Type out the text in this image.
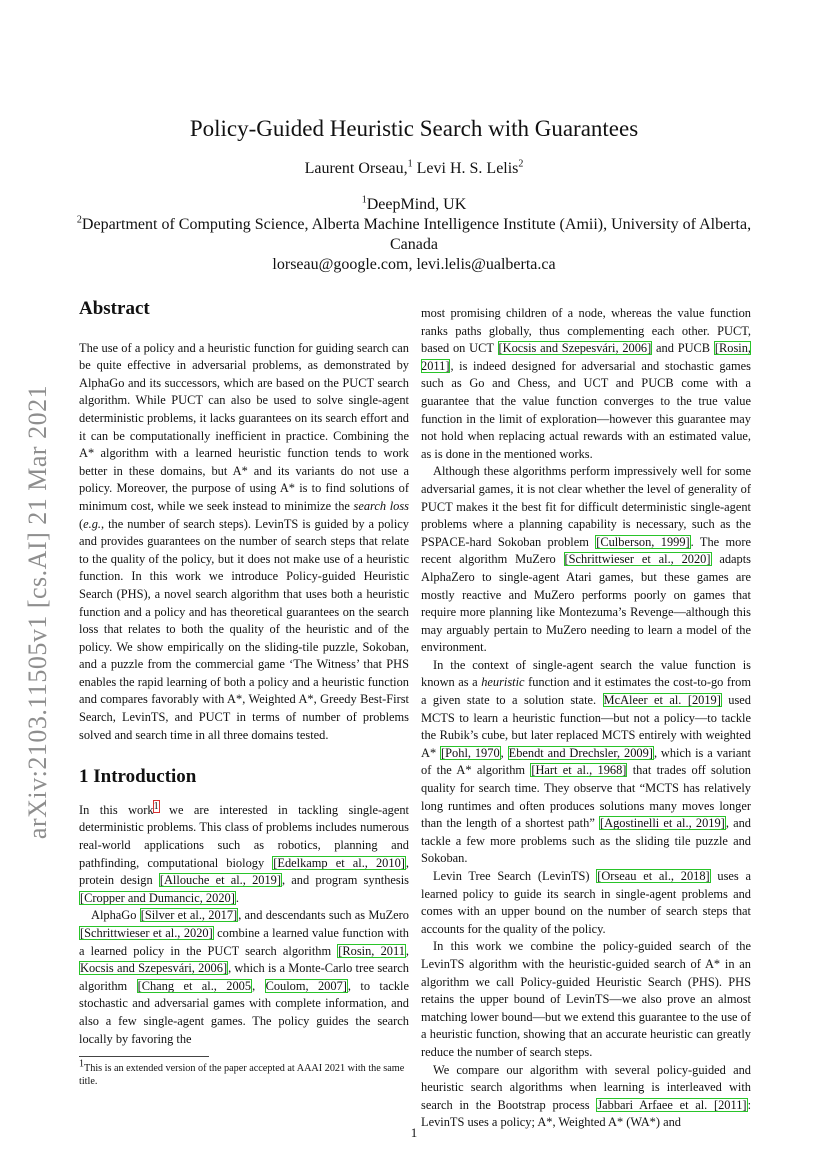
arXiv:2103.11505v1 [cs.AI] 21 Mar 2021
Policy-Guided Heuristic Search with Guarantees
Laurent Orseau,$^1$ Levi H. S. Lelis$^2$
$^1$DeepMind, UK
$^2$Department of Computing Science, Alberta Machine Intelligence Institute (Amii), University of Alberta, Canada
lorseau@google.com, levi.lelis@ualberta.ca
Abstract

The use of a policy and a heuristic function for guiding search can be quite effective in adversarial problems, as demonstrated by AlphaGo and its successors, which are based on the PUCT search algorithm. While PUCT can also be used to solve single-agent deterministic problems, it lacks guarantees on its search effort and it can be computationally inefficient in practice. Combining the A* algorithm with a learned heuristic function tends to work better in these domains, but A* and its variants do not use a policy. Moreover, the purpose of using A* is to find solutions of minimum cost, while we seek instead to minimize the search loss (e.g., the number of search steps). LevinTS is guided by a policy and provides guarantees on the number of search steps that relate to the quality of the policy, but it does not make use of a heuristic function. In this work we introduce Policy-guided Heuristic Search (PHS), a novel search algorithm that uses both a heuristic function and a policy and has theoretical guarantees on the search loss that relates to both the quality of the heuristic and of the policy. We show empirically on the sliding-tile puzzle, Sokoban, and a puzzle from the commercial game ‘The Witness’ that PHS enables the rapid learning of both a policy and a heuristic function and compares favorably with A*, Weighted A*, Greedy Best-First Search, LevinTS, and PUCT in terms of number of problems solved and search time in all three domains tested.

1 Introduction

In this work$^1$ we are interested in tackling single-agent deterministic problems. This class of problems includes numerous real-world applications such as robotics, planning and pathfinding, computational biology [Edelkamp et al., 2010], protein design [Allouche et al., 2019], and program synthesis [Cropper and Dumancic, 2020].

AlphaGo [Silver et al., 2017], and descendants such as MuZero [Schrittwieser et al., 2020] combine a learned value function with a learned policy in the PUCT search algorithm [Rosin, 2011, Kocsis and Szepesvári, 2006], which is a Monte-Carlo tree search algorithm [Chang et al., 2005, Coulom, 2007], to tackle stochastic and adversarial games with complete information, and also a few single-agent games. The policy guides the search locally by favoring the

most promising children of a node, whereas the value function ranks paths globally, thus complementing each other. PUCT, based on UCT [Kocsis and Szepesvári, 2006] and PUCB [Rosin, 2011], is indeed designed for adversarial and stochastic games such as Go and Chess, and UCT and PUCB come with a guarantee that the value function converges to the true value function in the limit of exploration—however this guarantee may not hold when replacing actual rewards with an estimated value, as is done in the mentioned works.

Although these algorithms perform impressively well for some adversarial games, it is not clear whether the level of generality of PUCT makes it the best fit for difficult deterministic single-agent problems where a planning capability is necessary, such as the PSPACE-hard Sokoban problem [Culberson, 1999]. The more recent algorithm MuZero [Schrittwieser et al., 2020] adapts AlphaZero to single-agent Atari games, but these games are mostly reactive and MuZero performs poorly on games that require more planning like Montezuma’s Revenge—although this may arguably pertain to MuZero needing to learn a model of the environment.

In the context of single-agent search the value function is known as a heuristic function and it estimates the cost-to-go from a given state to a solution state. McAleer et al. [2019] used MCTS to learn a heuristic function—but not a policy—to tackle the Rubik’s cube, but later replaced MCTS entirely with weighted A* [Pohl, 1970, Ebendt and Drechsler, 2009], which is a variant of the A* algorithm [Hart et al., 1968] that trades off solution quality for search time. They observe that “MCTS has relatively long runtimes and often produces solutions many moves longer than the length of a shortest path” [Agostinelli et al., 2019], and tackle a few more problems such as the sliding tile puzzle and Sokoban.

Levin Tree Search (LevinTS) [Orseau et al., 2018] uses a learned policy to guide its search in single-agent problems and comes with an upper bound on the number of search steps that accounts for the quality of the policy.

In this work we combine the policy-guided search of the LevinTS algorithm with the heuristic-guided search of A* in an algorithm we call Policy-guided Heuristic Search (PHS). PHS retains the upper bound of LevinTS—we also prove an almost matching lower bound—but we extend this guarantee to the use of a heuristic function, showing that an accurate heuristic can greatly reduce the number of search steps.

We compare our algorithm with several policy-guided and heuristic search algorithms when learning is interleaved with search in the Bootstrap process Jabbari Arfaee et al. [2011]: LevinTS uses a policy; A*, Weighted A* (WA*) and

$^1$This is an extended version of the paper accepted at AAAI 2021 with the same title.
1
